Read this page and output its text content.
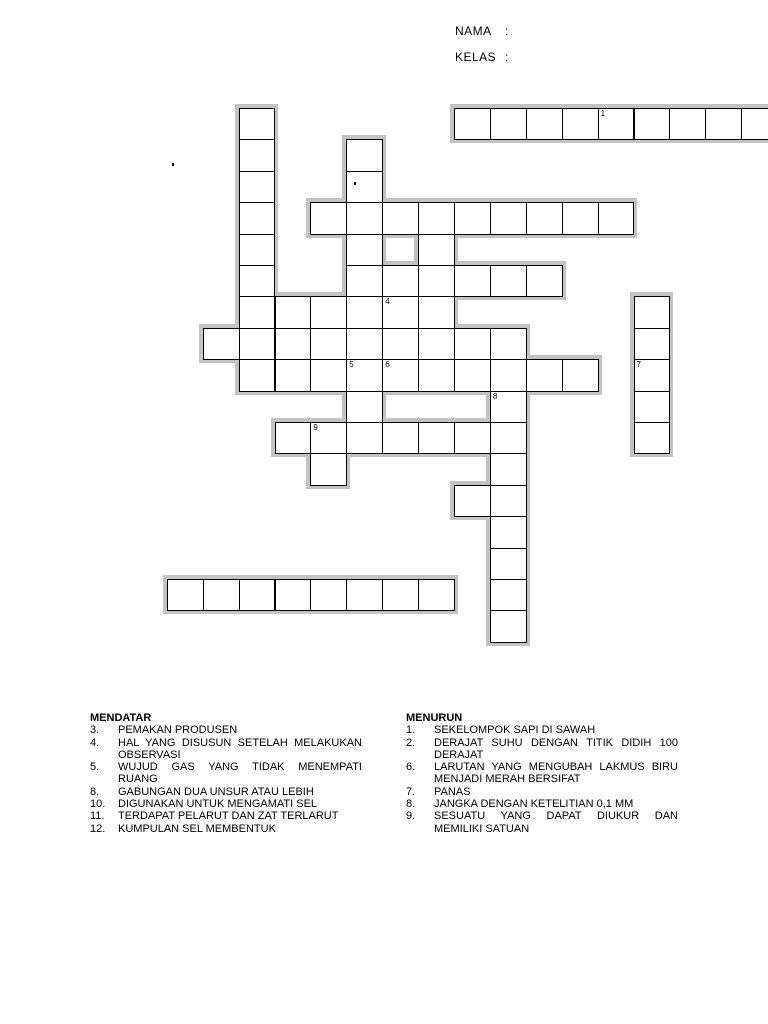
NAMA :
KELAS :
5
1
4
7
6
8
9
MENDATAR
3.	PEMAKAN PRODUSEN
4.	HAL YANG DISUSUN SETELAH MELAKUKAN OBSERVASI
5.	WUJUD GAS YANG TIDAK MENEMPATI RUANG
8.	GABUNGAN DUA UNSUR ATAU LEBIH
10.	DIGUNAKAN UNTUK MENGAMATI SEL
11.	TERDAPAT PELARUT DAN ZAT TERLARUT
12.	KUMPULAN SEL MEMBENTUK
MENURUN
1.	SEKELOMPOK SAPI DI SAWAH
2.	DERAJAT SUHU DENGAN TITIK DIDIH 100 DERAJAT
6.	LARUTAN YANG MENGUBAH LAKMUS BIRU MENJADI MERAH BERSIFAT
7.	PANAS
8.	JANGKA DENGAN KETELITIAN 0,1 MM
9.	SESUATU YANG DAPAT DIUKUR DAN MEMILIKI SATUAN
